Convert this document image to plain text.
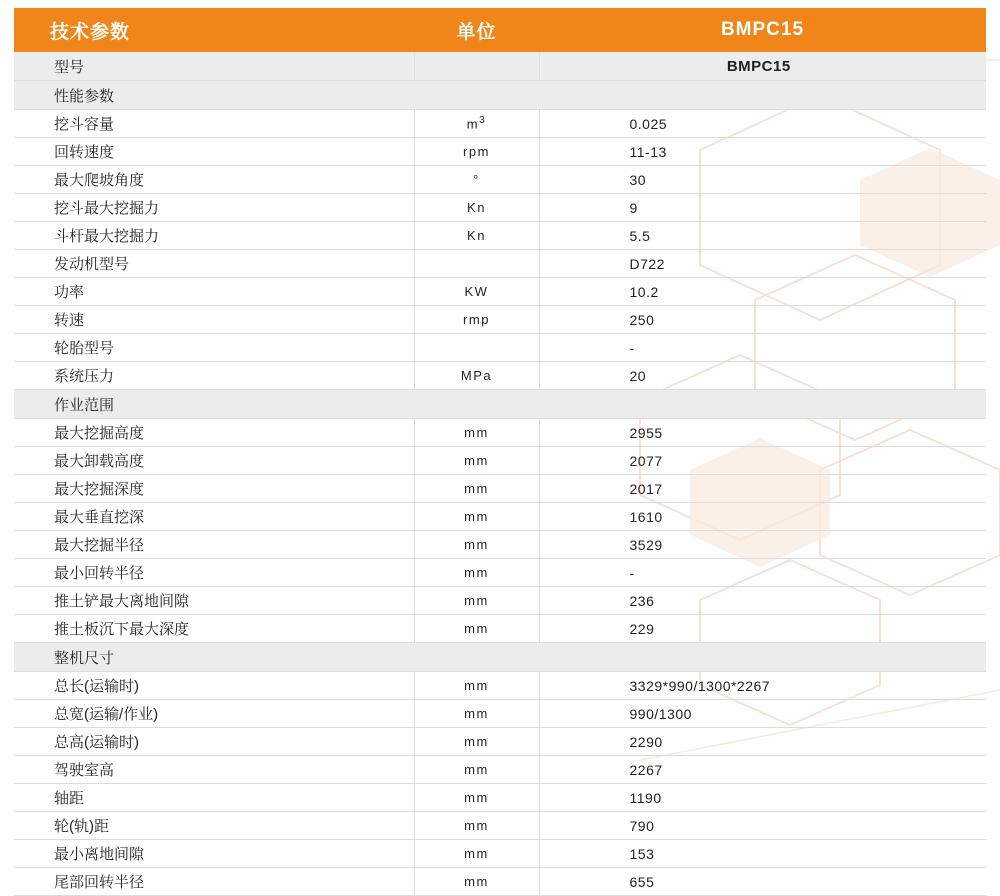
技术参数	单位	BMPC15
型号		BMPC15
性能参数		
挖斗容量	$m^3$	0.025
回转速度	rpm	11-13
最大爬坡角度	°	30
挖斗最大挖掘力	Kn	9
斗杆最大挖掘力	Kn	5.5
发动机型号		D722
功率	KW	10.2
转速	rmp	250
轮胎型号		-
系统压力	MPa	20
作业范围		
最大挖掘高度	mm	2955
最大卸载高度	mm	2077
最大挖掘深度	mm	2017
最大垂直挖深	mm	1610
最大挖掘半径	mm	3529
最小回转半径	mm	-
推土铲最大离地间隙	mm	236
推土板沉下最大深度	mm	229
整机尺寸		
总长(运输时)	mm	3329*990/1300*2267
总宽(运输/作业)	mm	990/1300
总高(运输时)	mm	2290
驾驶室高	mm	2267
轴距	mm	1190
轮(轨)距	mm	790
最小离地间隙	mm	153
尾部回转半径	mm	655
